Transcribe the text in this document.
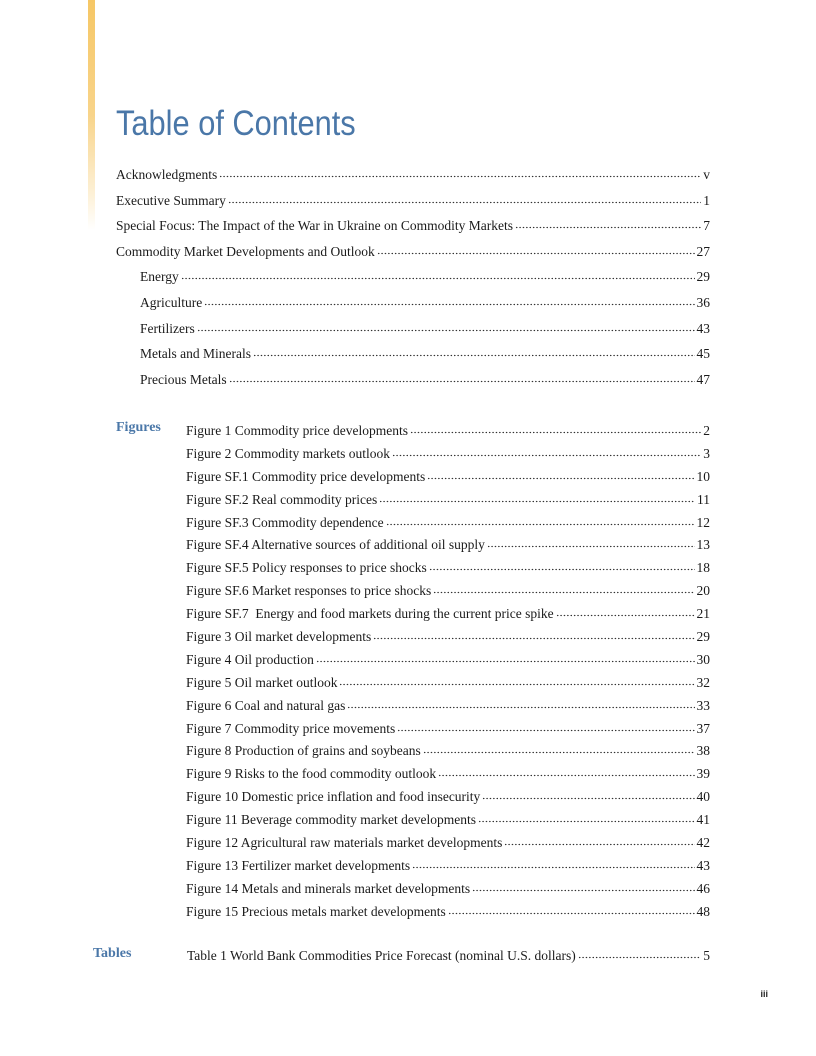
Table of Contents
Acknowledgments	v
Executive Summary	1
Special Focus: The Impact of the War in Ukraine on Commodity Markets	7
Commodity Market Developments and Outlook	27
Energy	29
Agriculture	36
Fertilizers	43
Metals and Minerals	45
Precious Metals	47
Figures Figure 1 Commodity price developments	2
Figure 2 Commodity markets outlook	3
Figure SF.1 Commodity price developments	10
Figure SF.2 Real commodity prices	11
Figure SF.3 Commodity dependence	12
Figure SF.4 Alternative sources of additional oil supply	13
Figure SF.5 Policy responses to price shocks	18
Figure SF.6 Market responses to price shocks	20
Figure SF.7  Energy and food markets during the current price spike	21
Figure 3 Oil market developments	29
Figure 4 Oil production	30
Figure 5 Oil market outlook	32
Figure 6 Coal and natural gas	33
Figure 7 Commodity price movements	37
Figure 8 Production of grains and soybeans	38
Figure 9 Risks to the food commodity outlook	39
Figure 10 Domestic price inflation and food insecurity	40
Figure 11 Beverage commodity market developments	41
Figure 12 Agricultural raw materials market developments	42
Figure 13 Fertilizer market developments	43
Figure 14 Metals and minerals market developments	46
Figure 15 Precious metals market developments	48
Tables	Table 1 World Bank Commodities Price Forecast (nominal U.S. dollars)	5
iii
